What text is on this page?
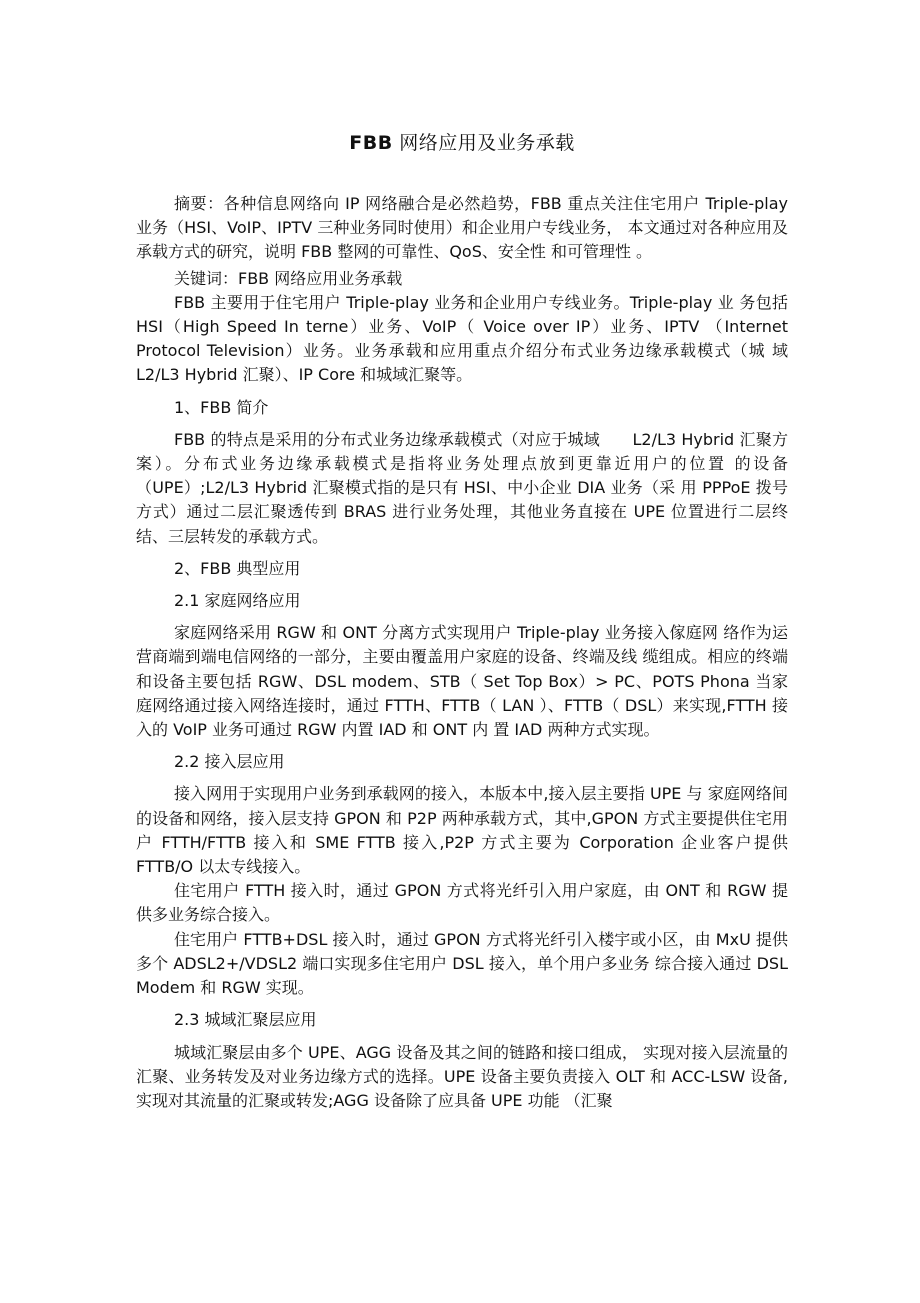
FBB 网络应用及业务承载

摘要：各种信息网络向 IP 网络融合是必然趋势，FBB 重点关注住宅用户 Triple-play 业务（HSI、VoIP、IPTV 三种业务同时使用）和企业用户专线业务， 本文通过对各种应用及承载方式的研究，说明 FBB 整网的可靠性、QoS、安全性 和可管理性 。

关键词：FBB 网络应用业务承载

FBB 主要用于住宅用户 Triple-play 业务和企业用户专线业务。Triple-play 业 务包括 HSI（High Speed In terne）业务、VoIP（ Voice over IP）业务、IPTV （Internet Protocol Television）业务。业务承载和应用重点介绍分布式业务边缘承载模式（城 域 L2/L3 Hybrid 汇聚）、IP Core 和城域汇聚等。

1、FBB 简介

FBB 的特点是采用的分布式业务边缘承载模式（对应于城域　　L2/L3 Hybrid 汇聚方案）。分布式业务边缘承载模式是指将业务处理点放到更靠近用户的位置 的设备（UPE）;L2/L3 Hybrid 汇聚模式指的是只有 HSI、中小企业 DIA 业务（采 用 PPPoE 拨号方式）通过二层汇聚透传到 BRAS 进行业务处理，其他业务直接在 UPE 位置进行二层终结、三层转发的承载方式。

2、FBB 典型应用
2.1 家庭网络应用

家庭网络采用 RGW 和 ONT 分离方式实现用户 Triple-play 业务接入傢庭网 络作为运营商端到端电信网络的一部分，主要由覆盖用户家庭的设备、终端及线 缆组成。相应的终端和设备主要包括 RGW、DSL modem、STB（ Set Top Box）> PC、POTS Phona 当家庭网络通过接入网络连接时，通过 FTTH、FTTB（ LAN ）、FTTB（ DSL）来实现,FTTH 接入的 VoIP 业务可通过 RGW 内置 IAD 和 ONT 内 置 IAD 两种方式实现。

2.2 接入层应用

接入网用于实现用户业务到承载网的接入，本版本中,接入层主要指 UPE 与 家庭网络间的设备和网络，接入层支持 GPON 和 P2P 两种承载方式，其中,GPON 方式主要提供住宅用户 FTTH/FTTB 接入和 SME FTTB 接入,P2P 方式主要为 Corporation 企业客户提供 FTTB/O 以太专线接入。

住宅用户 FTTH 接入时，通过 GPON 方式将光纤引入用户家庭，由 ONT 和 RGW 提供多业务综合接入。

住宅用户 FTTB+DSL 接入时，通过 GPON 方式将光纤引入楼宇或小区，由 MxU 提供多个 ADSL2+/VDSL2 端口实现多住宅用户 DSL 接入，单个用户多业务 综合接入通过 DSL Modem 和 RGW 实现。

2.3 城域汇聚层应用

城域汇聚层由多个 UPE、AGG 设备及其之间的链路和接口组成， 实现对接入层流量的汇聚、业务转发及对业务边缘方式的选择。UPE 设备主要负责接入 OLT 和 ACC-LSW 设备,实现对其流量的汇聚或转发;AGG 设备除了应具备 UPE 功能 （汇聚
